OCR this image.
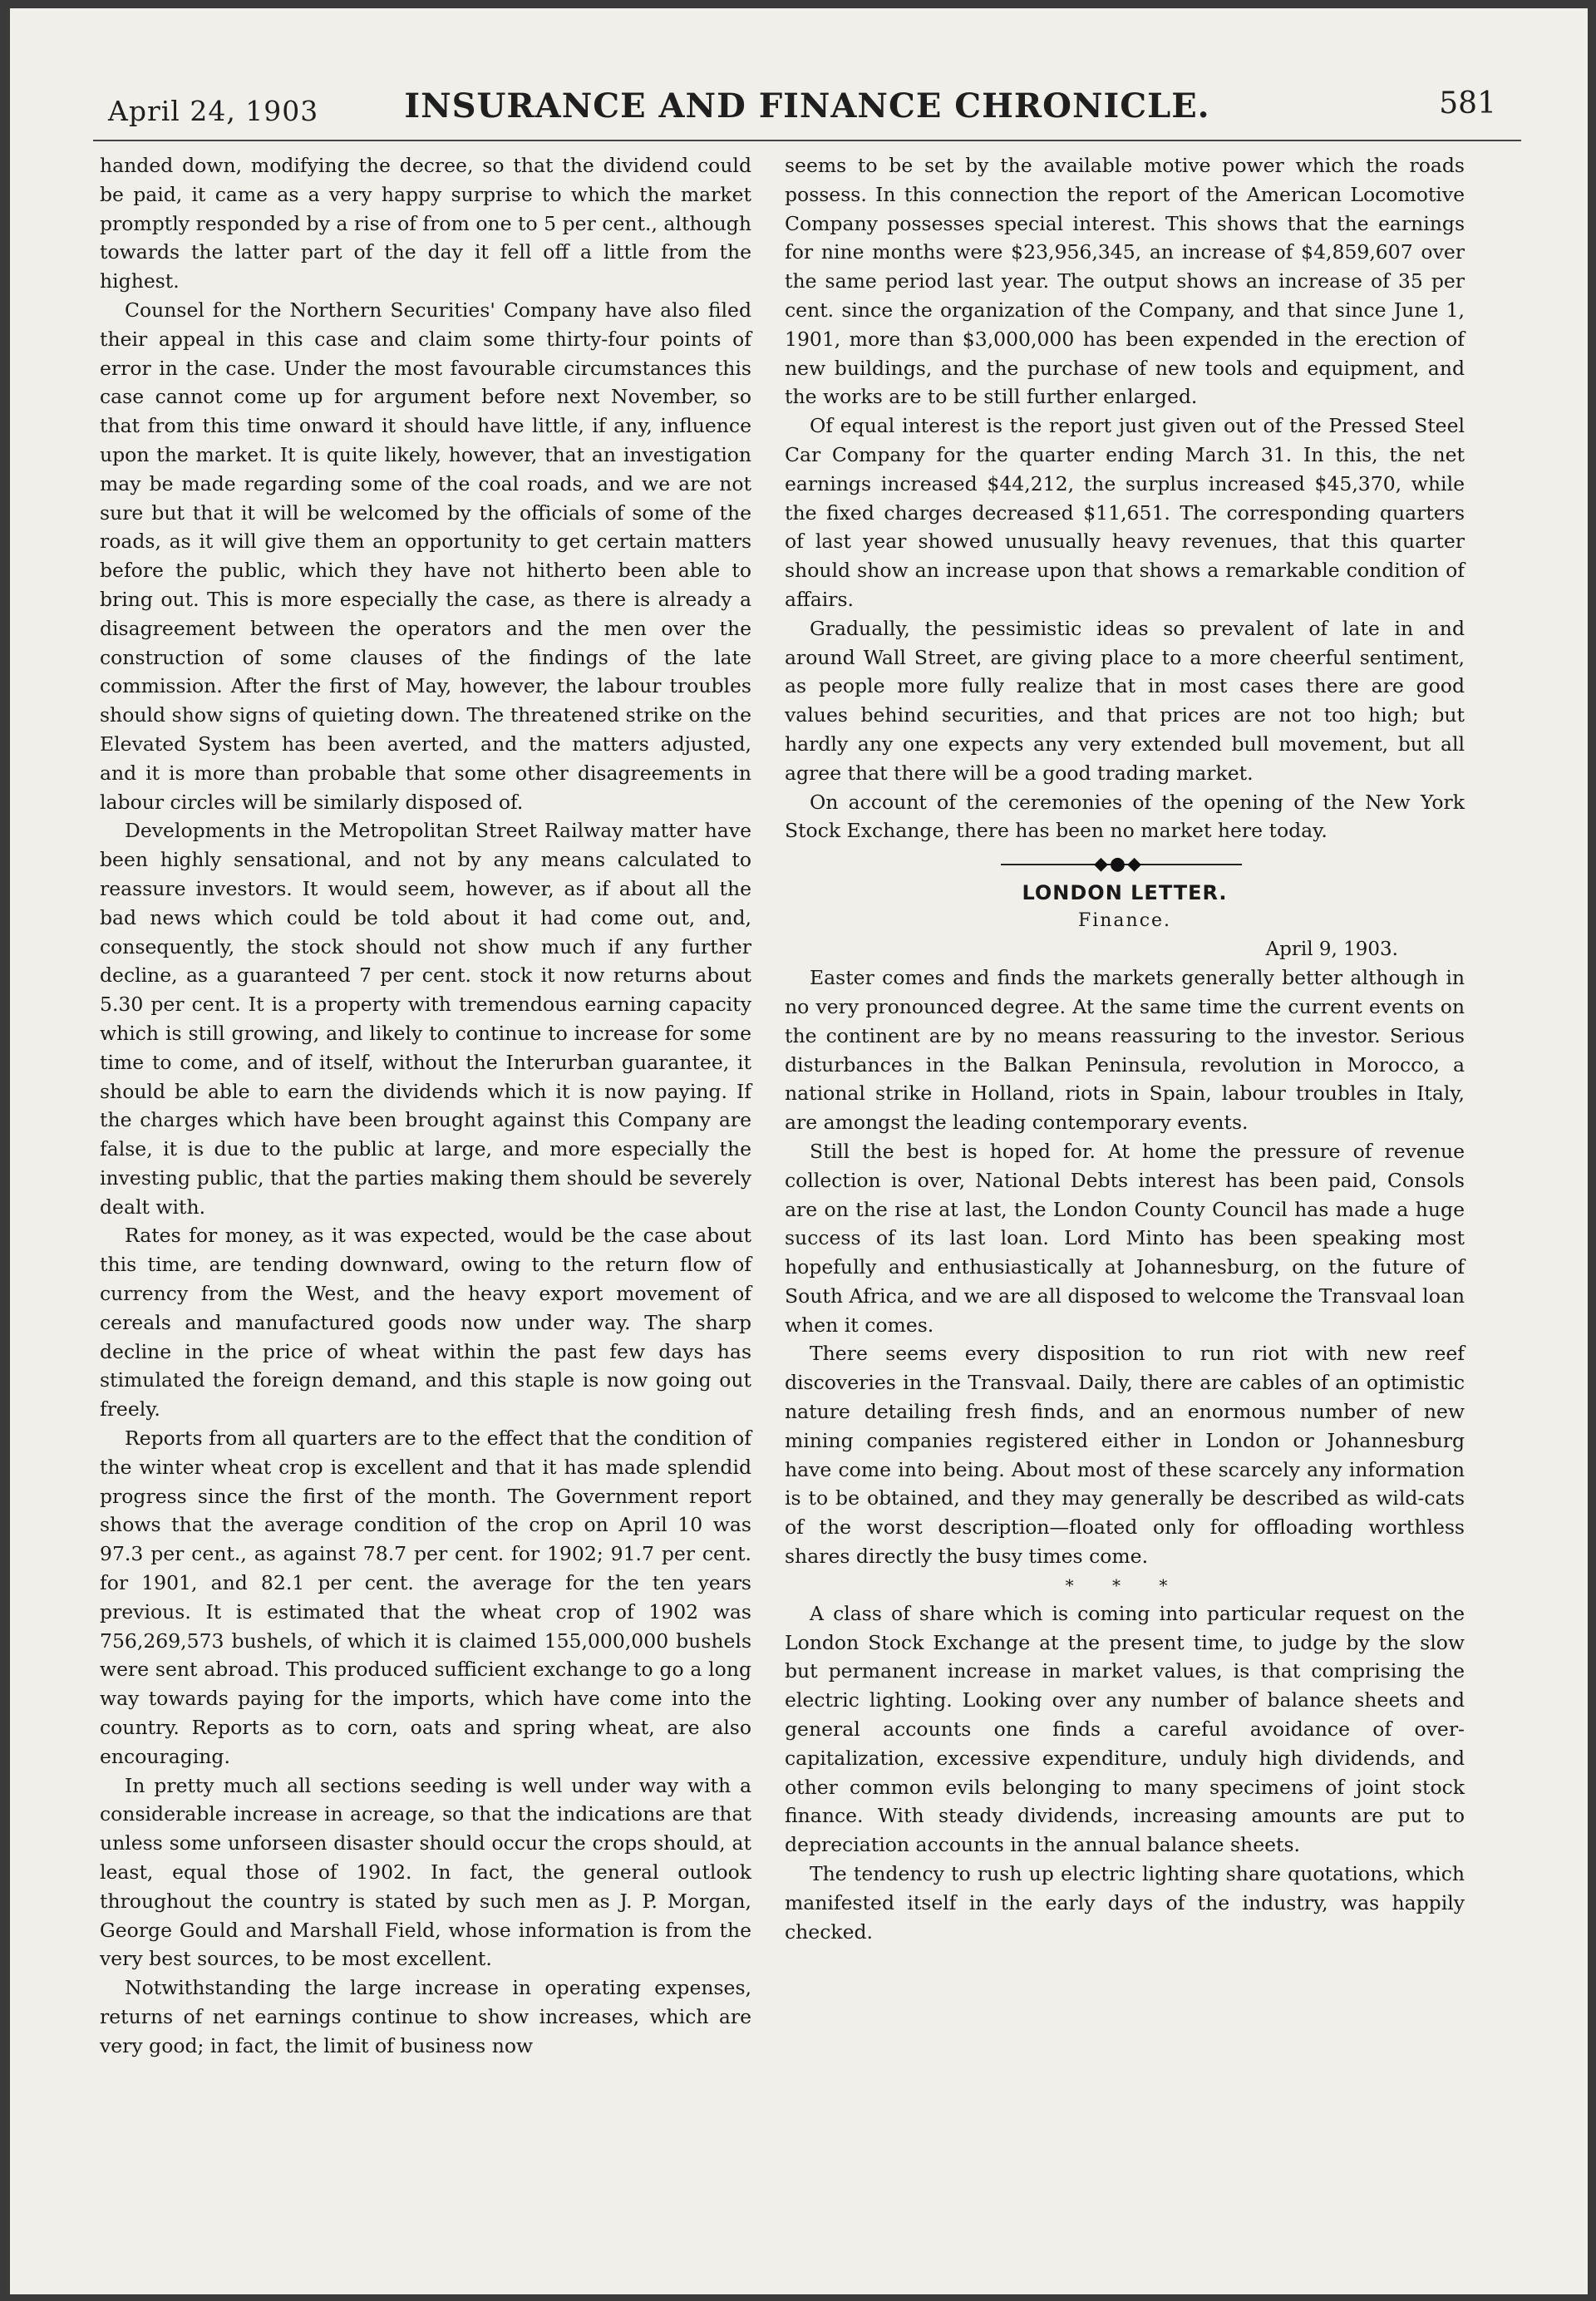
April 24, 1903	INSURANCE AND FINANCE CHRONICLE.	581

handed down, modifying the decree, so that the dividend could be paid, it came as a very happy surprise to which the market promptly responded by a rise of from one to 5 per cent., although towards the latter part of the day it fell off a little from the highest.

Counsel for the Northern Securities' Company have also filed their appeal in this case and claim some thirty-four points of error in the case. Under the most favourable circumstances this case cannot come up for argument before next November, so that from this time onward it should have little, if any, influence upon the market. It is quite likely, however, that an investigation may be made regarding some of the coal roads, and we are not sure but that it will be welcomed by the officials of some of the roads, as it will give them an opportunity to get certain matters before the public, which they have not hitherto been able to bring out. This is more especially the case, as there is already a disagreement between the operators and the men over the construction of some clauses of the findings of the late commission. After the first of May, however, the labour troubles should show signs of quieting down. The threatened strike on the Elevated System has been averted, and the matters adjusted, and it is more than probable that some other disagreements in labour circles will be similarly disposed of.

Developments in the Metropolitan Street Railway matter have been highly sensational, and not by any means calculated to reassure investors. It would seem, however, as if about all the bad news which could be told about it had come out, and, consequently, the stock should not show much if any further decline, as a guaranteed 7 per cent. stock it now returns about 5.30 per cent. It is a property with tremendous earning capacity which is still growing, and likely to continue to increase for some time to come, and of itself, without the Interurban guarantee, it should be able to earn the dividends which it is now paying. If the charges which have been brought against this Company are false, it is due to the public at large, and more especially the investing public, that the parties making them should be severely dealt with.

Rates for money, as it was expected, would be the case about this time, are tending downward, owing to the return flow of currency from the West, and the heavy export movement of cereals and manufactured goods now under way. The sharp decline in the price of wheat within the past few days has stimulated the foreign demand, and this staple is now going out freely.

Reports from all quarters are to the effect that the condition of the winter wheat crop is excellent and that it has made splendid progress since the first of the month. The Government report shows that the average condition of the crop on April 10 was 97.3 per cent., as against 78.7 per cent. for 1902; 91.7 per cent. for 1901, and 82.1 per cent. the average for the ten years previous. It is estimated that the wheat crop of 1902 was 756,269,573 bushels, of which it is claimed 155,000,000 bushels were sent abroad. This produced sufficient exchange to go a long way towards paying for the imports, which have come into the country. Reports as to corn, oats and spring wheat, are also encouraging.

In pretty much all sections seeding is well under way with a considerable increase in acreage, so that the indications are that unless some unforseen disaster should occur the crops should, at least, equal those of 1902. In fact, the general outlook throughout the country is stated by such men as J. P. Morgan, George Gould and Marshall Field, whose information is from the very best sources, to be most excellent.

Notwithstanding the large increase in operating expenses, returns of net earnings continue to show increases, which are very good; in fact, the limit of business now

seems to be set by the available motive power which the roads possess. In this connection the report of the American Locomotive Company possesses special interest. This shows that the earnings for nine months were $23,956,345, an increase of $4,859,607 over the same period last year. The output shows an increase of 35 per cent. since the organization of the Company, and that since June 1, 1901, more than $3,000,000 has been expended in the erection of new buildings, and the purchase of new tools and equipment, and the works are to be still further enlarged.

Of equal interest is the report just given out of the Pressed Steel Car Company for the quarter ending March 31. In this, the net earnings increased $44,212, the surplus increased $45,370, while the fixed charges decreased $11,651. The corresponding quarters of last year showed unusually heavy revenues, that this quarter should show an increase upon that shows a remarkable condition of affairs.

Gradually, the pessimistic ideas so prevalent of late in and around Wall Street, are giving place to a more cheerful sentiment, as people more fully realize that in most cases there are good values behind securities, and that prices are not too high; but hardly any one expects any very extended bull movement, but all agree that there will be a good trading market.

On account of the ceremonies of the opening of the New York Stock Exchange, there has been no market here today.

◆●◆
LONDON LETTER.
Finance.
April 9, 1903.

Easter comes and finds the markets generally better although in no very pronounced degree. At the same time the current events on the continent are by no means reassuring to the investor. Serious disturbances in the Balkan Peninsula, revolution in Morocco, a national strike in Holland, riots in Spain, labour troubles in Italy, are amongst the leading contemporary events.

Still the best is hoped for. At home the pressure of revenue collection is over, National Debts interest has been paid, Consols are on the rise at last, the London County Council has made a huge success of its last loan. Lord Minto has been speaking most hopefully and enthusiastically at Johannesburg, on the future of South Africa, and we are all disposed to welcome the Transvaal loan when it comes.

There seems every disposition to run riot with new reef discoveries in the Transvaal. Daily, there are cables of an optimistic nature detailing fresh finds, and an enormous number of new mining companies registered either in London or Johannesburg have come into being. About most of these scarcely any information is to be obtained, and they may generally be described as wild-cats of the worst description—floated only for offloading worthless shares directly the busy times come.

* * *

A class of share which is coming into particular request on the London Stock Exchange at the present time, to judge by the slow but permanent increase in market values, is that comprising the electric lighting. Looking over any number of balance sheets and general accounts one finds a careful avoidance of over-capitalization, excessive expenditure, unduly high dividends, and other common evils belonging to many specimens of joint stock finance. With steady dividends, increasing amounts are put to depreciation accounts in the annual balance sheets.

The tendency to rush up electric lighting share quotations, which manifested itself in the early days of the industry, was happily checked.
